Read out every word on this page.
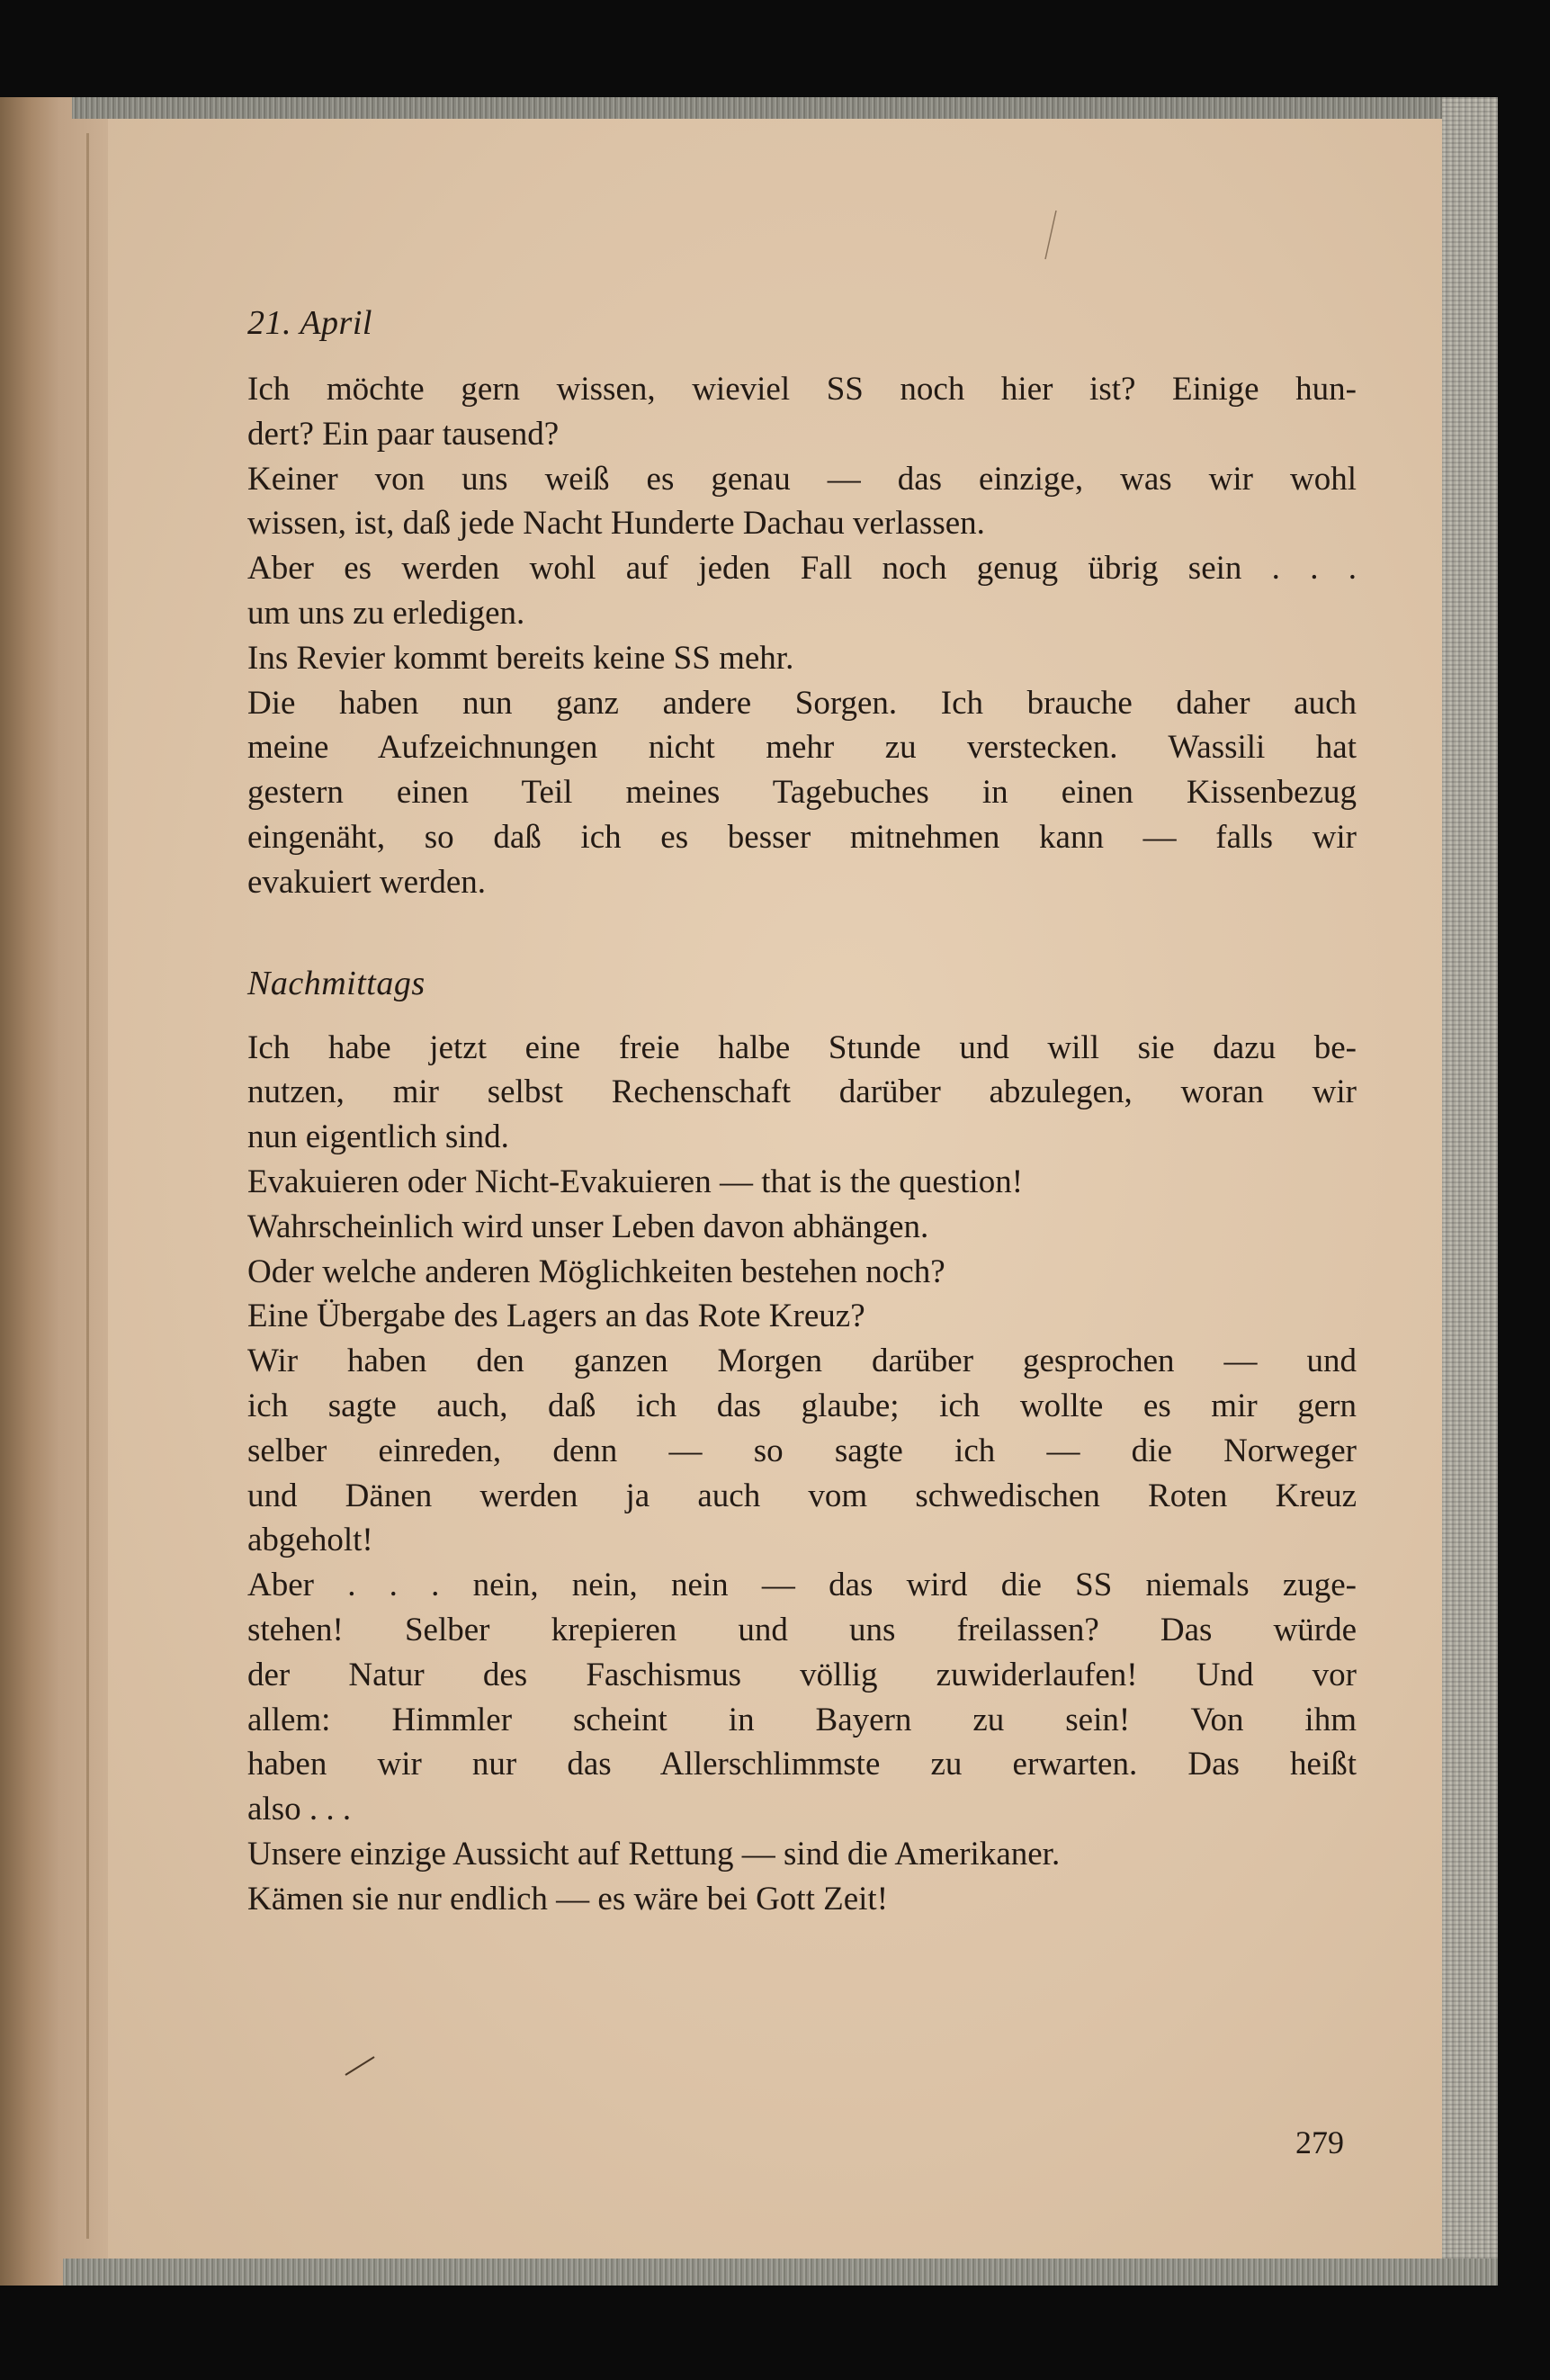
21. April
Ich möchte gern wissen, wieviel SS noch hier ist? Einige hun-
dert? Ein paar tausend?
Keiner von uns weiß es genau — das einzige, was wir wohl
wissen, ist, daß jede Nacht Hunderte Dachau verlassen.
Aber es werden wohl auf jeden Fall noch genug übrig sein . . .
um uns zu erledigen.
Ins Revier kommt bereits keine SS mehr.
Die haben nun ganz andere Sorgen. Ich brauche daher auch
meine Aufzeichnungen nicht mehr zu verstecken. Wassili hat
gestern einen Teil meines Tagebuches in einen Kissenbezug
eingenäht, so daß ich es besser mitnehmen kann — falls wir
evakuiert werden.
Nachmittags
Ich habe jetzt eine freie halbe Stunde und will sie dazu be-
nutzen, mir selbst Rechenschaft darüber abzulegen, woran wir
nun eigentlich sind.
Evakuieren oder Nicht-Evakuieren — that is the question!
Wahrscheinlich wird unser Leben davon abhängen.
Oder welche anderen Möglichkeiten bestehen noch?
Eine Übergabe des Lagers an das Rote Kreuz?
Wir haben den ganzen Morgen darüber gesprochen — und
ich sagte auch, daß ich das glaube; ich wollte es mir gern
selber einreden, denn — so sagte ich — die Norweger
und Dänen werden ja auch vom schwedischen Roten Kreuz
abgeholt!
Aber . . . nein, nein, nein — das wird die SS niemals zuge-
stehen! Selber krepieren und uns freilassen? Das würde
der Natur des Faschismus völlig zuwiderlaufen! Und vor
allem: Himmler scheint in Bayern zu sein! Von ihm
haben wir nur das Allerschlimmste zu erwarten. Das heißt
also . . .
Unsere einzige Aussicht auf Rettung — sind die Amerikaner.
Kämen sie nur endlich — es wäre bei Gott Zeit!
279
